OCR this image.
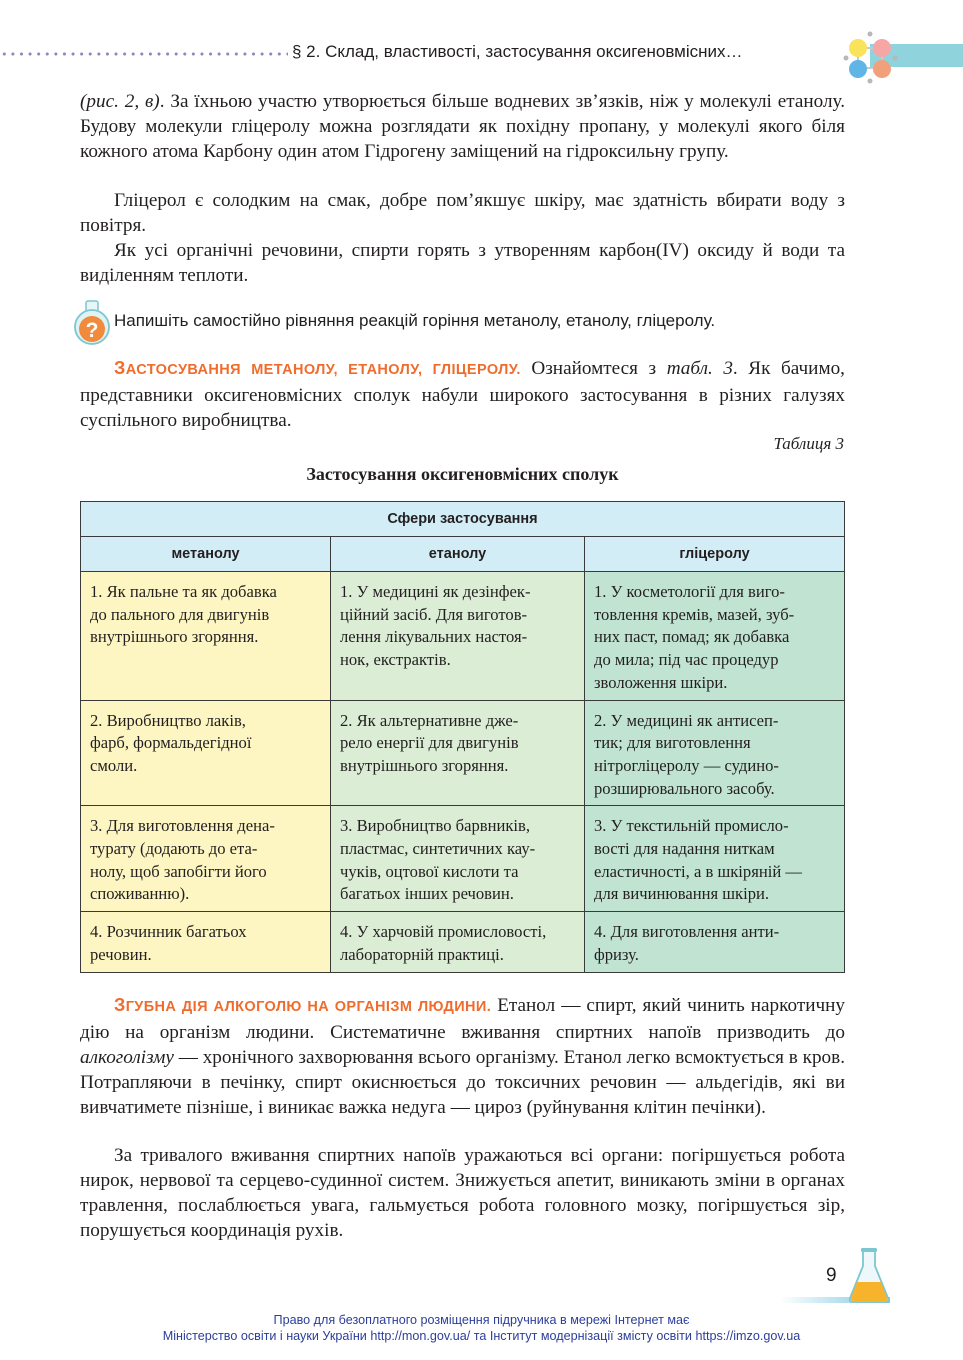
§ 2. Склад, властивості, застосування оксигеновмісних…
(рис. 2, в). За їхньою участю утворюється більше водневих зв’язків, ніж у молекулі етанолу. Будову молекули гліцеролу можна розглядати як похідну пропану, у молекулі якого біля кожного атома Карбону один атом Гідрогену заміщений на гідроксильну групу.
Гліцерол є солодким на смак, добре пом’якшує шкіру, має здатність вбирати воду з повітря.
Як усі органічні речовини, спирти горять з утворенням карбон(IV) оксиду й води та виділенням теплоти.
? Напишіть самостійно рівняння реакцій горіння метанолу, етанолу, гліцеролу.
ЗАСТОСУВАННЯ МЕТАНОЛУ, ЕТАНОЛУ, ГЛІЦЕРОЛУ. Ознайомтеся з табл. 3. Як бачимо, представники оксигеновмісних сполук набули широкого застосування в різних галузях суспільного виробництва.
Таблиця 3
Застосування оксигеновмісних сполук
Сфери застосування		
метанолу	етанолу	гліцеролу

1. Як пальне та як добавка
до пального для двигунів
внутрішнього згоряння.	1. У медицині як дезінфек-
ційний засіб. Для виготов-
лення лікувальних настоя-
нок, екстрактів.	1. У косметології для виго-
товлення кремів, мазей, зуб-
них паст, помад; як добавка
до мила; під час процедур
зволоження шкіри.

2. Виробництво лаків,
фарб, формальдегідної
смоли.	2. Як альтернативне дже-
рело енергії для двигунів
внутрішнього згоряння.	2. У медицині як антисеп-
тик; для виготовлення
нітрогліцеролу — судино-
розширювального засобу.

3. Для виготовлення дена-
турату (додають до ета-
нолу, щоб запобігти його
споживанню).	3. Виробництво барвників,
пластмас, синтетичних кау-
чуків, оцтової кислоти та
багатьох інших речовин.	3. У текстильній промисло-
вості для надання ниткам
еластичності, а в шкіряній —
для вичинювання шкіри.

4. Розчинник багатьох
речовин.	4. У харчовій промисловості,
лабораторній практиці.	4. Для виготовлення анти-
фризу.
ЗГУБНА ДІЯ АЛКОГОЛЮ НА ОРГАНІЗМ ЛЮДИНИ. Етанол — спирт, який чинить наркотичну дію на організм людини. Систематичне вживання спиртних напоїв призводить до алкоголізму — хронічного захворювання всього організму. Етанол легко всмоктується в кров. Потрапляючи в печінку, спирт окиснюється до токсичних речовин — альдегідів, які ви вивчатимете пізніше, і виникає важка недуга — цироз (руйнування клітин печінки).
За тривалого вживання спиртних напоїв уражаються всі органи: погіршується робота нирок, нервової та серцево-судинної систем. Знижується апетит, виникають зміни в органах травлення, послаблюється увага, гальмується робота головного мозку, погіршується зір, порушується координація рухів.
9
Право для безоплатного розміщення підручника в мережі Інтернет має
Міністерство освіти і науки України http://mon.gov.ua/ та Інститут модернізації змісту освіти https://imzo.gov.ua
